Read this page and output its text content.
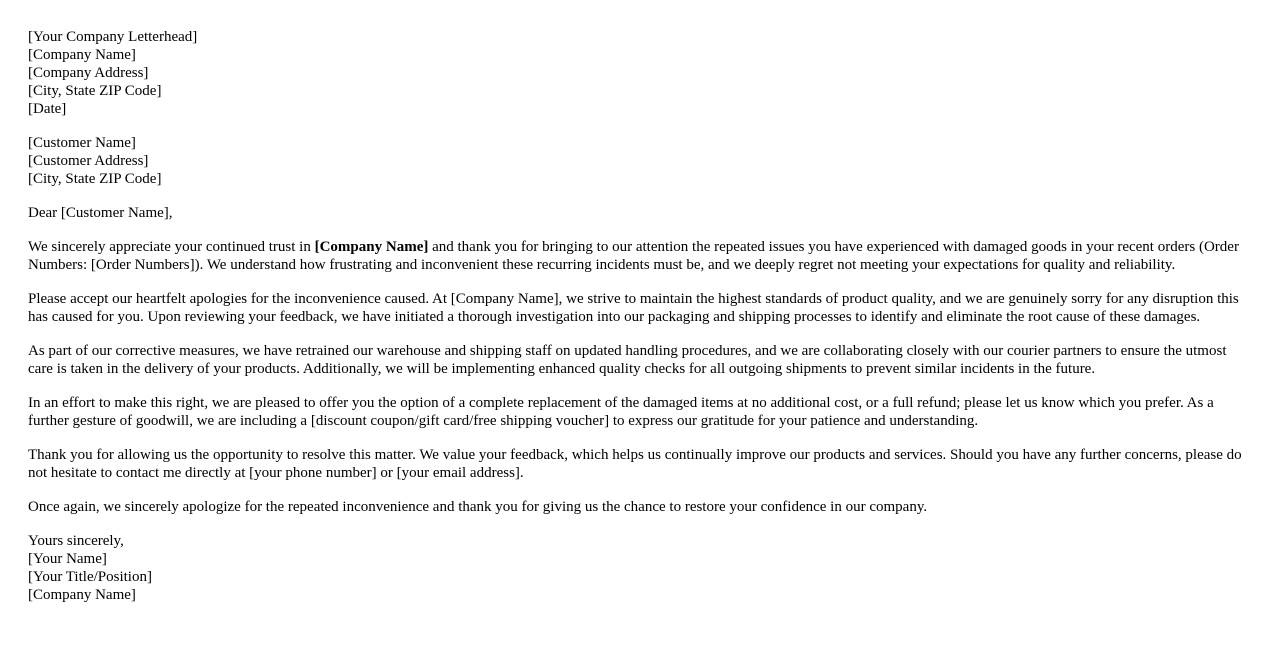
[Your Company Letterhead]
[Company Name]
[Company Address]
[City, State ZIP Code]
[Date]
[Customer Name]
[Customer Address]
[City, State ZIP Code]

Dear [Customer Name],

We sincerely appreciate your continued trust in [Company Name] and thank you for bringing to our attention the repeated issues you have experienced with damaged goods in your recent orders (Order Numbers: [Order Numbers]). We understand how frustrating and inconvenient these recurring incidents must be, and we deeply regret not meeting your expectations for quality and reliability.

Please accept our heartfelt apologies for the inconvenience caused. At [Company Name], we strive to maintain the highest standards of product quality, and we are genuinely sorry for any disruption this has caused for you. Upon reviewing your feedback, we have initiated a thorough investigation into our packaging and shipping processes to identify and eliminate the root cause of these damages.

As part of our corrective measures, we have retrained our warehouse and shipping staff on updated handling procedures, and we are collaborating closely with our courier partners to ensure the utmost care is taken in the delivery of your products. Additionally, we will be implementing enhanced quality checks for all outgoing shipments to prevent similar incidents in the future.

In an effort to make this right, we are pleased to offer you the option of a complete replacement of the damaged items at no additional cost, or a full refund; please let us know which you prefer. As a further gesture of goodwill, we are including a [discount coupon/gift card/free shipping voucher] to express our gratitude for your patience and understanding.

Thank you for allowing us the opportunity to resolve this matter. We value your feedback, which helps us continually improve our products and services. Should you have any further concerns, please do not hesitate to contact me directly at [your phone number] or [your email address].

Once again, we sincerely apologize for the repeated inconvenience and thank you for giving us the chance to restore your confidence in our company.

Yours sincerely,
[Your Name]
[Your Title/Position]
[Company Name]
